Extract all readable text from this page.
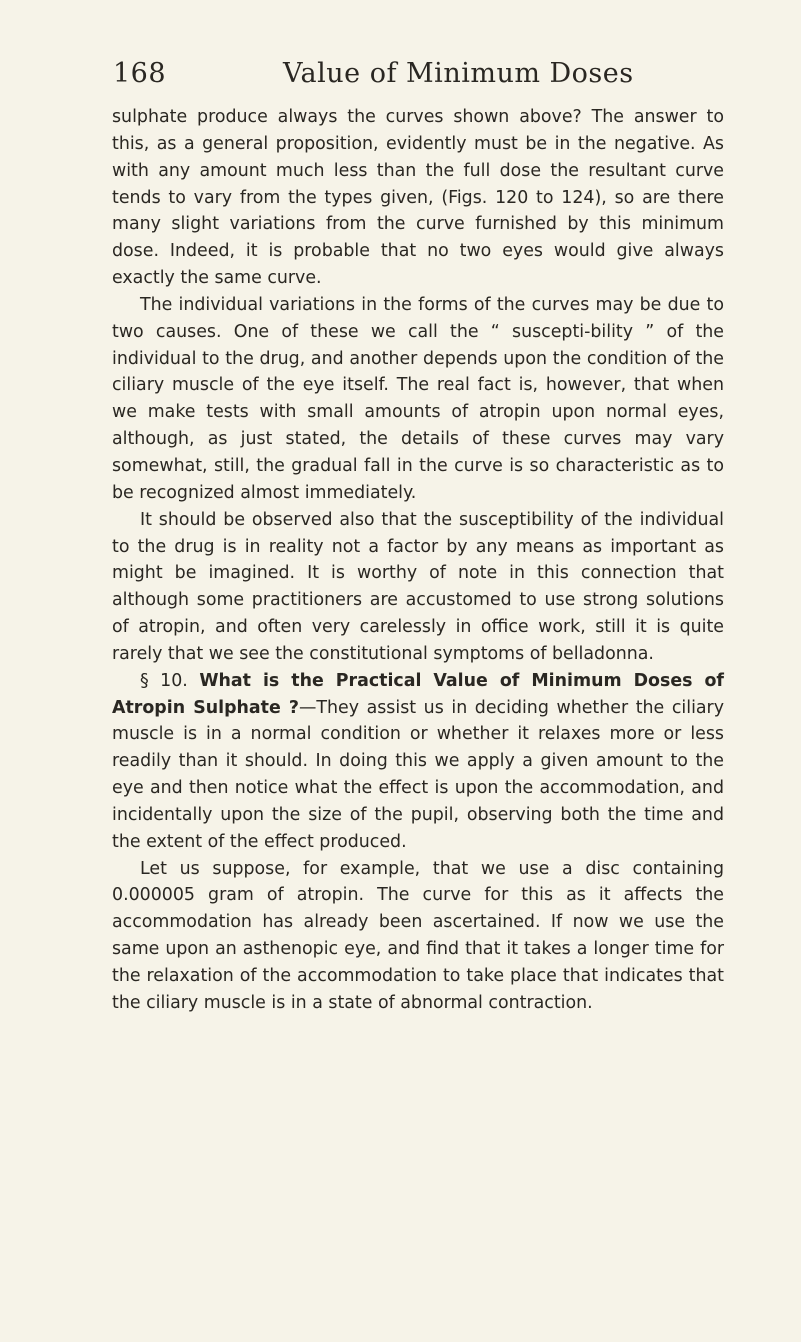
168	Value of Minimum Doses

sulphate produce always the curves shown above? The answer to this, as a general proposition, evidently must be in the negative. As with any amount much less than the full dose the resultant curve tends to vary from the types given, (Figs. 120 to 124), so are there many slight variations from the curve furnished by this minimum dose. Indeed, it is probable that no two eyes would give always exactly the same curve.

The individual variations in the forms of the curves may be due to two causes. One of these we call the “ suscepti-bility ” of the individual to the drug, and another depends upon the condition of the ciliary muscle of the eye itself. The real fact is, however, that when we make tests with small amounts of atropin upon normal eyes, although, as just stated, the details of these curves may vary somewhat, still, the gradual fall in the curve is so characteristic as to be recognized almost immediately.

It should be observed also that the susceptibility of the individual to the drug is in reality not a factor by any means as important as might be imagined. It is worthy of note in this connection that although some practitioners are accustomed to use strong solutions of atropin, and often very carelessly in office work, still it is quite rarely that we see the constitutional symptoms of belladonna.

§ 10. What is the Practical Value of Minimum Doses of Atropin Sulphate ?—They assist us in deciding whether the ciliary muscle is in a normal condition or whether it relaxes more or less readily than it should. In doing this we apply a given amount to the eye and then notice what the effect is upon the accommodation, and incidentally upon the size of the pupil, observing both the time and the extent of the effect produced.

Let us suppose, for example, that we use a disc containing 0.000005 gram of atropin. The curve for this as it affects the accommodation has already been ascertained. If now we use the same upon an asthenopic eye, and find that it takes a longer time for the relaxation of the accommodation to take place that indicates that the ciliary muscle is in a state of abnormal contraction.
